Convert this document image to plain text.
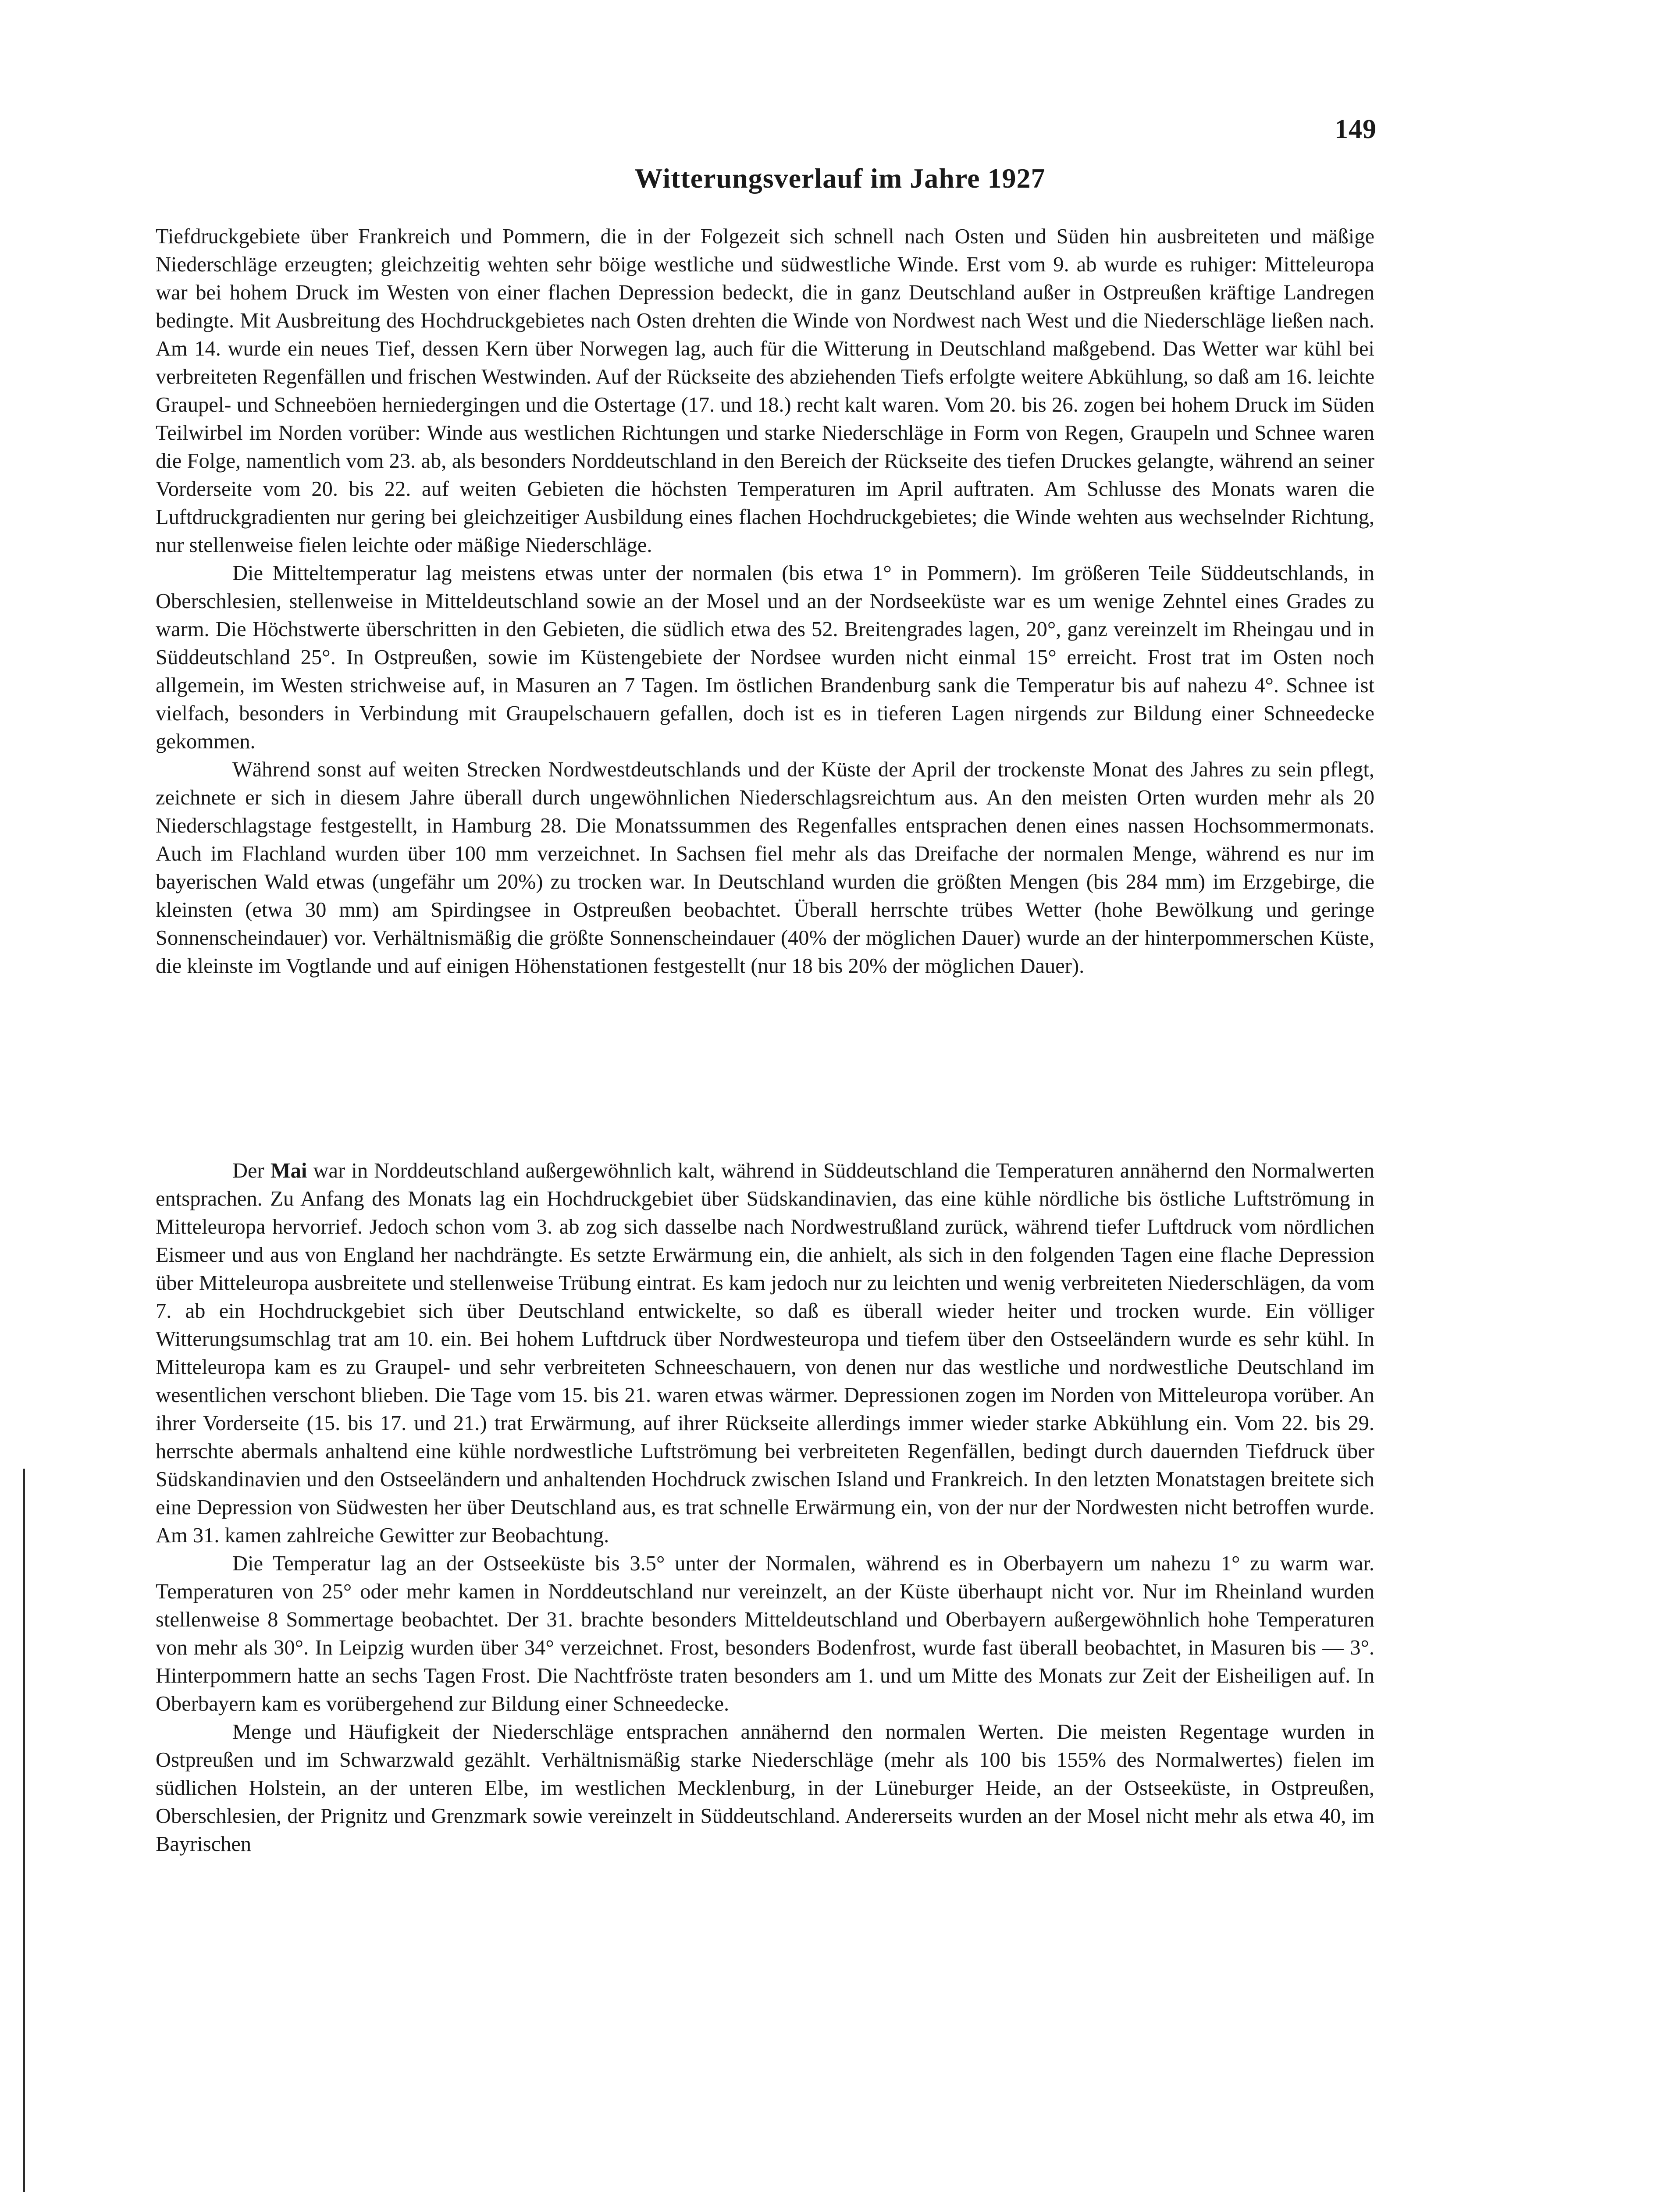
149
Witterungsverlauf im Jahre 1927

Tiefdruckgebiete über Frankreich und Pommern, die in der Folgezeit sich schnell nach Osten und Süden hin ausbreiteten und mäßige Niederschläge erzeugten; gleichzeitig wehten sehr böige westliche und südwestliche Winde. Erst vom 9. ab wurde es ruhiger: Mitteleuropa war bei hohem Druck im Westen von einer flachen Depression bedeckt, die in ganz Deutschland außer in Ostpreußen kräftige Landregen bedingte. Mit Ausbreitung des Hochdruckgebietes nach Osten drehten die Winde von Nordwest nach West und die Niederschläge ließen nach. Am 14. wurde ein neues Tief, dessen Kern über Norwegen lag, auch für die Witterung in Deutschland maßgebend. Das Wetter war kühl bei verbreiteten Regenfällen und frischen Westwinden. Auf der Rückseite des abziehenden Tiefs erfolgte weitere Abkühlung, so daß am 16. leichte Graupel- und Schneeböen herniedergingen und die Ostertage (17. und 18.) recht kalt waren. Vom 20. bis 26. zogen bei hohem Druck im Süden Teilwirbel im Norden vorüber: Winde aus westlichen Richtungen und starke Niederschläge in Form von Regen, Graupeln und Schnee waren die Folge, namentlich vom 23. ab, als besonders Norddeutschland in den Bereich der Rückseite des tiefen Druckes gelangte, während an seiner Vorderseite vom 20. bis 22. auf weiten Gebieten die höchsten Temperaturen im April auftraten. Am Schlusse des Monats waren die Luftdruckgradienten nur gering bei gleichzeitiger Ausbildung eines flachen Hochdruckgebietes; die Winde wehten aus wechselnder Richtung, nur stellenweise fielen leichte oder mäßige Niederschläge.

Die Mitteltemperatur lag meistens etwas unter der normalen (bis etwa 1° in Pommern). Im größeren Teile Süddeutschlands, in Oberschlesien, stellenweise in Mitteldeutschland sowie an der Mosel und an der Nordseeküste war es um wenige Zehntel eines Grades zu warm. Die Höchstwerte überschritten in den Gebieten, die südlich etwa des 52. Breitengrades lagen, 20°, ganz vereinzelt im Rheingau und in Süddeutschland 25°. In Ostpreußen, sowie im Küstengebiete der Nordsee wurden nicht einmal 15° erreicht. Frost trat im Osten noch allgemein, im Westen strichweise auf, in Masuren an 7 Tagen. Im östlichen Brandenburg sank die Temperatur bis auf nahezu 4°. Schnee ist vielfach, besonders in Verbindung mit Graupelschauern gefallen, doch ist es in tieferen Lagen nirgends zur Bildung einer Schneedecke gekommen.

Während sonst auf weiten Strecken Nordwestdeutschlands und der Küste der April der trockenste Monat des Jahres zu sein pflegt, zeichnete er sich in diesem Jahre überall durch ungewöhnlichen Niederschlagsreichtum aus. An den meisten Orten wurden mehr als 20 Niederschlagstage festgestellt, in Hamburg 28. Die Monatssummen des Regenfalles entsprachen denen eines nassen Hochsommermonats. Auch im Flachland wurden über 100 mm verzeichnet. In Sachsen fiel mehr als das Dreifache der normalen Menge, während es nur im bayerischen Wald etwas (ungefähr um 20%) zu trocken war. In Deutschland wurden die größten Mengen (bis 284 mm) im Erzgebirge, die kleinsten (etwa 30 mm) am Spirdingsee in Ostpreußen beobachtet. Überall herrschte trübes Wetter (hohe Bewölkung und geringe Sonnenscheindauer) vor. Verhältnismäßig die größte Sonnenscheindauer (40% der möglichen Dauer) wurde an der hinterpommerschen Küste, die kleinste im Vogtlande und auf einigen Höhenstationen festgestellt (nur 18 bis 20% der möglichen Dauer).

Der Mai war in Norddeutschland außergewöhnlich kalt, während in Süddeutschland die Temperaturen annähernd den Normalwerten entsprachen. Zu Anfang des Monats lag ein Hochdruckgebiet über Südskandinavien, das eine kühle nördliche bis östliche Luftströmung in Mitteleuropa hervorrief. Jedoch schon vom 3. ab zog sich dasselbe nach Nordwestrußland zurück, während tiefer Luftdruck vom nördlichen Eismeer und aus von England her nachdrängte. Es setzte Erwärmung ein, die anhielt, als sich in den folgenden Tagen eine flache Depression über Mitteleuropa ausbreitete und stellenweise Trübung eintrat. Es kam jedoch nur zu leichten und wenig verbreiteten Niederschlägen, da vom 7. ab ein Hochdruckgebiet sich über Deutschland entwickelte, so daß es überall wieder heiter und trocken wurde. Ein völliger Witterungsumschlag trat am 10. ein. Bei hohem Luftdruck über Nordwesteuropa und tiefem über den Ostseeländern wurde es sehr kühl. In Mitteleuropa kam es zu Graupel- und sehr verbreiteten Schneeschauern, von denen nur das westliche und nordwestliche Deutschland im wesentlichen verschont blieben. Die Tage vom 15. bis 21. waren etwas wärmer. Depressionen zogen im Norden von Mitteleuropa vorüber. An ihrer Vorderseite (15. bis 17. und 21.) trat Erwärmung, auf ihrer Rückseite allerdings immer wieder starke Abkühlung ein. Vom 22. bis 29. herrschte abermals anhaltend eine kühle nordwestliche Luftströmung bei verbreiteten Regenfällen, bedingt durch dauernden Tiefdruck über Südskandinavien und den Ostseeländern und anhaltenden Hochdruck zwischen Island und Frankreich. In den letzten Monatstagen breitete sich eine Depression von Südwesten her über Deutschland aus, es trat schnelle Erwärmung ein, von der nur der Nordwesten nicht betroffen wurde. Am 31. kamen zahlreiche Gewitter zur Beobachtung.

Die Temperatur lag an der Ostseeküste bis 3.5° unter der Normalen, während es in Oberbayern um nahezu 1° zu warm war. Temperaturen von 25° oder mehr kamen in Norddeutschland nur vereinzelt, an der Küste überhaupt nicht vor. Nur im Rheinland wurden stellenweise 8 Sommertage beobachtet. Der 31. brachte besonders Mitteldeutschland und Oberbayern außergewöhnlich hohe Temperaturen von mehr als 30°. In Leipzig wurden über 34° verzeichnet. Frost, besonders Bodenfrost, wurde fast überall beobachtet, in Masuren bis — 3°. Hinterpommern hatte an sechs Tagen Frost. Die Nachtfröste traten besonders am 1. und um Mitte des Monats zur Zeit der Eisheiligen auf. In Oberbayern kam es vorübergehend zur Bildung einer Schneedecke.

Menge und Häufigkeit der Niederschläge entsprachen annähernd den normalen Werten. Die meisten Regentage wurden in Ostpreußen und im Schwarzwald gezählt. Verhältnismäßig starke Niederschläge (mehr als 100 bis 155% des Normalwertes) fielen im südlichen Holstein, an der unteren Elbe, im westlichen Mecklenburg, in der Lüneburger Heide, an der Ostseeküste, in Ostpreußen, Oberschlesien, der Prignitz und Grenzmark sowie vereinzelt in Süddeutschland. Andererseits wurden an der Mosel nicht mehr als etwa 40, im Bayrischen
